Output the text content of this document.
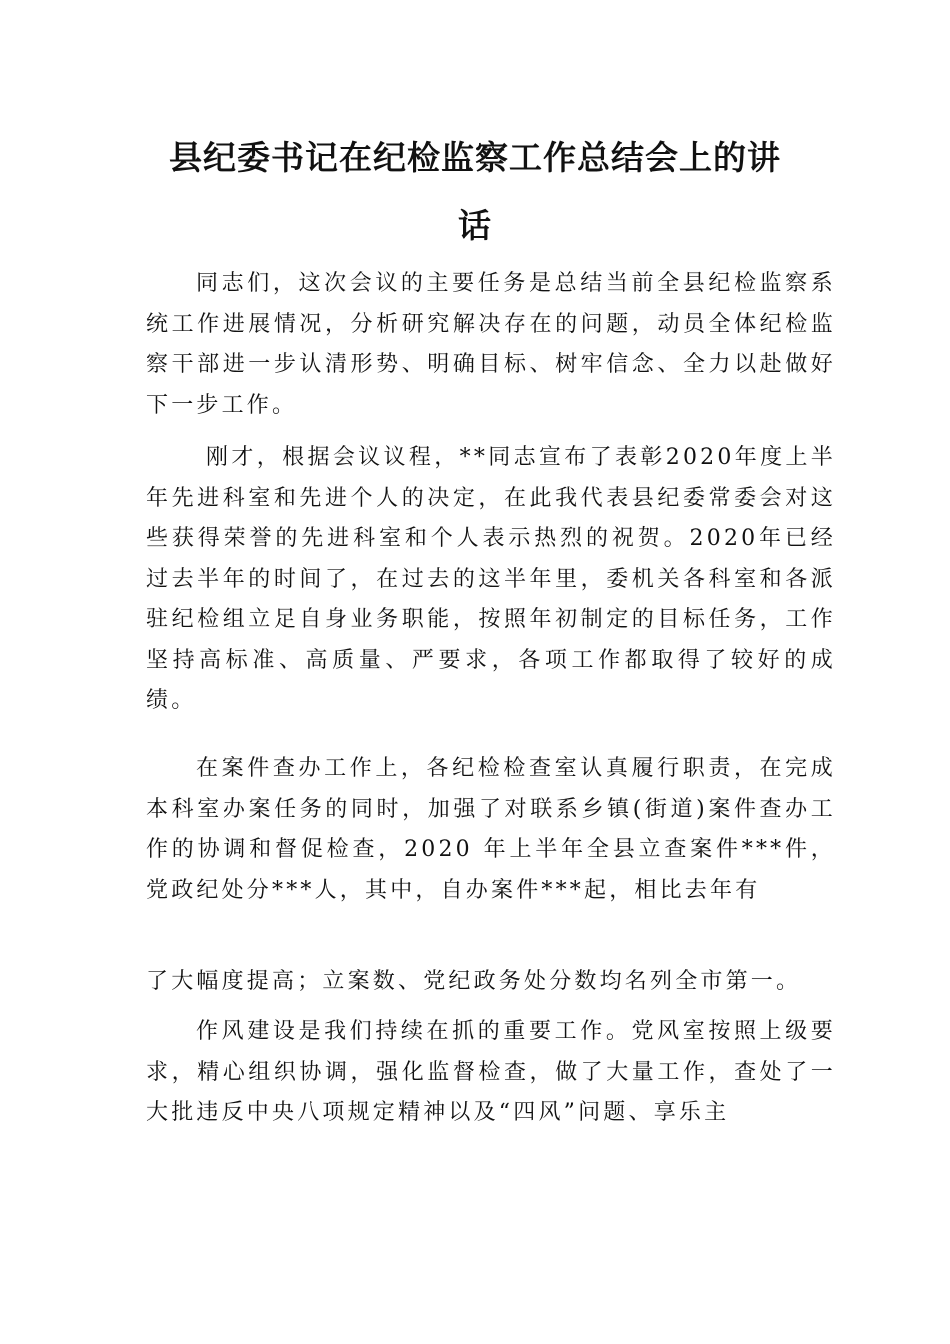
县纪委书记在纪检监察工作总结会上的讲
话

同志们，这次会议的主要任务是总结当前全县纪检监察系统工作进展情况，分析研究解决存在的问题，动员全体纪检监察干部进一步认清形势、明确目标、树牢信念、全力以赴做好下一步工作。

刚才，根据会议议程，**同志宣布了表彰2020年度上半年先进科室和先进个人的决定，在此我代表县纪委常委会对这些获得荣誉的先进科室和个人表示热烈的祝贺。2020年已经过去半年的时间了，在过去的这半年里，委机关各科室和各派驻纪检组立足自身业务职能，按照年初制定的目标任务，工作坚持高标准、高质量、严要求，各项工作都取得了较好的成绩。

在案件查办工作上，各纪检检查室认真履行职责，在完成本科室办案任务的同时，加强了对联系乡镇(街道)案件查办工作的协调和督促检查，2020 年上半年全县立查案件***件，党政纪处分***人，其中，自办案件***起，相比去年有

了大幅度提高；立案数、党纪政务处分数均名列全市第一。

作风建设是我们持续在抓的重要工作。党风室按照上级要求，精心组织协调，强化监督检查，做了大量工作，查处了一大批违反中央八项规定精神以及“四风”问题、享乐主
